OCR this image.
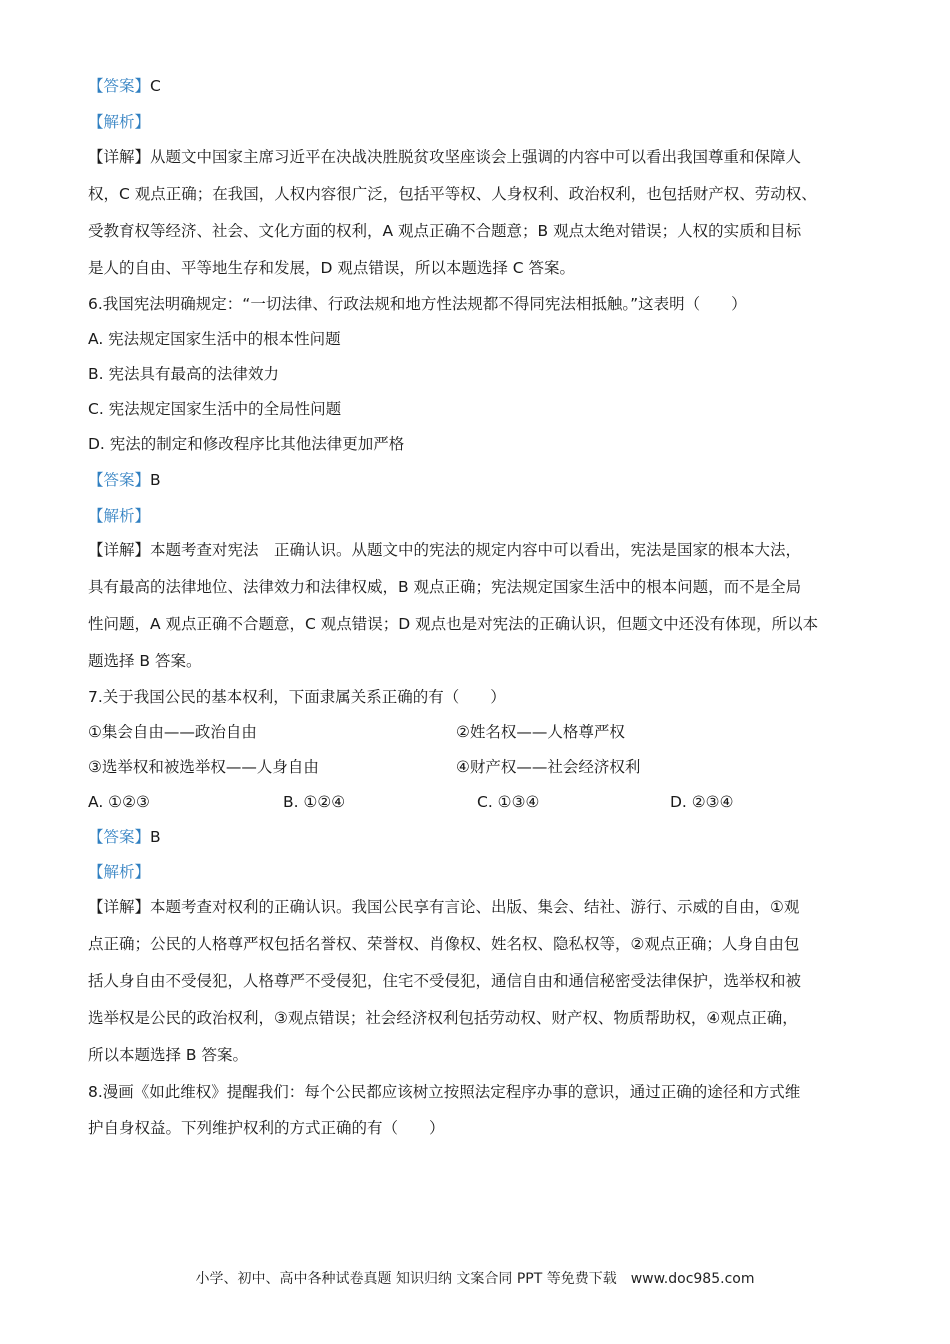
【答案】C
【解析】
【详解】从题文中国家主席习近平在决战决胜脱贫攻坚座谈会上强调的内容中可以看出我国尊重和保障人
权，C 观点正确；在我国，人权内容很广泛，包括平等权、人身权利、政治权利，也包括财产权、劳动权、
受教育权等经济、社会、文化方面的权利，A 观点正确不合题意；B 观点太绝对错误；人权的实质和目标
是人的自由、平等地生存和发展，D 观点错误，所以本题选择 C 答案。
6.我国宪法明确规定：“一切法律、行政法规和地方性法规都不得同宪法相抵触。”这表明（　　）
A. 宪法规定国家生活中的根本性问题
B. 宪法具有最高的法律效力
C. 宪法规定国家生活中的全局性问题
D. 宪法的制定和修改程序比其他法律更加严格
【答案】B
【解析】
【详解】本题考查对宪法　正确认识。从题文中的宪法的规定内容中可以看出，宪法是国家的根本大法，
具有最高的法律地位、法律效力和法律权威，B 观点正确；宪法规定国家生活中的根本问题，而不是全局
性问题，A 观点正确不合题意，C 观点错误；D 观点也是对宪法的正确认识，但题文中还没有体现，所以本
题选择 B 答案。
7.关于我国公民的基本权利，下面隶属关系正确的有（　　）
①集会自由——政治自由	②姓名权——人格尊严权
③选举权和被选举权——人身自由	④财产权——社会经济权利
A. ①②③	B. ①②④	C. ①③④	D. ②③④
【答案】B
【解析】
【详解】本题考查对权利的正确认识。我国公民享有言论、出版、集会、结社、游行、示威的自由，①观
点正确；公民的人格尊严权包括名誉权、荣誉权、肖像权、姓名权、隐私权等，②观点正确；人身自由包
括人身自由不受侵犯，人格尊严不受侵犯，住宅不受侵犯，通信自由和通信秘密受法律保护，选举权和被
选举权是公民的政治权利，③观点错误；社会经济权利包括劳动权、财产权、物质帮助权，④观点正确，
所以本题选择 B 答案。
8.漫画《如此维权》提醒我们：每个公民都应该树立按照法定程序办事的意识，通过正确的途径和方式维
护自身权益。下列维护权利的方式正确的有（　　）
小学、初中、高中各种试卷真题 知识归纳 文案合同 PPT 等免费下载　www.doc985.com
